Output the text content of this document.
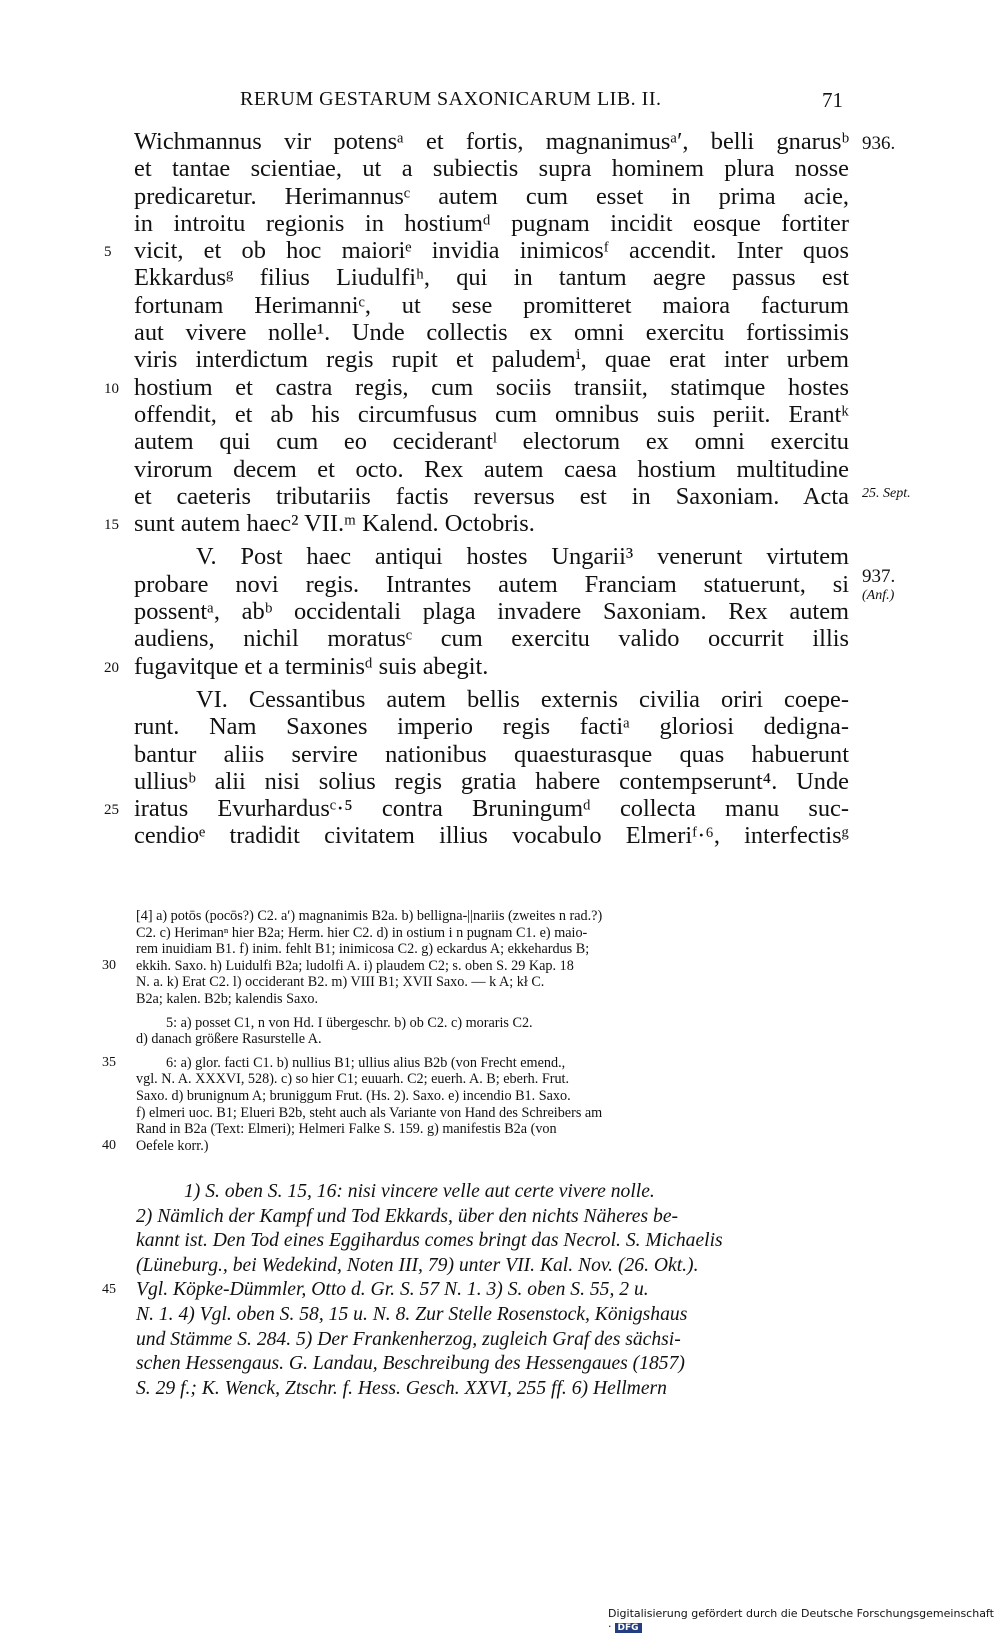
RERUM GESTARUM SAXONICARUM LIB. II.	71
Wichmannus vir potensᵃ et fortis, magnanimusᵃ′, belli gnarusᵇ
et tantae scientiae, ut a subiectis supra hominem plura nosse
predicaretur. Herimannusᶜ autem cum esset in prima acie,
in introitu regionis in hostiumᵈ pugnam incidit eosque fortiter
5 vicit, et ob hoc maioriᵉ invidia inimicosᶠ accendit. Inter quos
Ekkardusᵍ filius Liudulfiʰ, qui in tantum aegre passus est
fortunam Herimanniᶜ, ut sese promitteret maiora facturum
aut vivere nolle¹. Unde collectis ex omni exercitu fortissimis
viris interdictum regis rupit et paludemⁱ, quae erat inter urbem
10 hostium et castra regis, cum sociis transiit, statimque hostes
offendit, et ab his circumfusus cum omnibus suis periit. Erantᵏ
autem qui cum eo ceciderantˡ electorum ex omni exercitu
virorum decem et octo. Rex autem caesa hostium multitudine
et caeteris tributariis factis reversus est in Saxoniam. Acta
15 sunt autem haec² VII.ᵐ Kalend. Octobris.
V. Post haec antiqui hostes Ungarii³ venerunt virtutem
probare novi regis. Intrantes autem Franciam statuerunt, si
possentᵃ, abᵇ occidentali plaga invadere Saxoniam. Rex autem
audiens, nichil moratusᶜ cum exercitu valido occurrit illis
20 fugavitque et a terminisᵈ suis abegit.
VI. Cessantibus autem bellis externis civilia oriri coepe-
runt. Nam Saxones imperio regis factiᵃ gloriosi dedigna-
bantur aliis servire nationibus quaesturasque quas habuerunt
ulliusᵇ alii nisi solius regis gratia habere contempserunt⁴. Unde
25 iratus Evurhardusᶜ·⁵ contra Bruningumᵈ collecta manu suc-
cendioᵉ tradidit civitatem illius vocabulo Elmeriᶠ·⁶, interfectisᵍ
936.
25. Sept.
937.
(Anf.)
[4] a) potōs (pocōs?) C2. a′) magnanimis B2a. b) belligna-||nariis (zweites n rad.?)
C2. c) Herimanⁿ hier B2a; Herm. hier C2. d) in ostium i n pugnam C1. e) maio-
rem inuidiam B1. f) inim. fehlt B1; inimicosa C2. g) eckardus A; ekkehardus B;
30 ekkih. Saxo. h) Luidulfi B2a; ludolfi A. i) plaudem C2; s. oben S. 29 Kap. 18
N. a. k) Erat C2. l) occiderant B2. m) VIII B1; XVII Saxo. — k A; kł C.
B2a; kalen. B2b; kalendis Saxo.
5: a) posset C1, n von Hd. I übergeschr. b) ob C2. c) moraris C2.
d) danach größere Rasurstelle A.
35	6: a) glor. facti C1. b) nullius B1; ullius alius B2b (von Frecht emend.,
vgl. N. A. XXXVI, 528). c) so hier C1; euuarh. C2; euerh. A. B; eberh. Frut.
Saxo. d) brunignum A; bruniggum Frut. (Hs. 2). Saxo. e) incendio B1. Saxo.
f) elmeri uoc. B1; Elueri B2b, steht auch als Variante von Hand des Schreibers am
Rand in B2a (Text: Elmeri); Helmeri Falke S. 159. g) manifestis B2a (von
40 Oefele korr.)
1) S. oben S. 15, 16: nisi vincere velle aut certe vivere nolle.
2) Nämlich der Kampf und Tod Ekkards, über den nichts Näheres be-
kannt ist. Den Tod eines Eggihardus comes bringt das Necrol. S. Michaelis
(Lüneburg., bei Wedekind, Noten III, 79) unter VII. Kal. Nov. (26. Okt.).
45 Vgl. Köpke-Dümmler, Otto d. Gr. S. 57 N. 1. 3) S. oben S. 55, 2 u.
N. 1. 4) Vgl. oben S. 58, 15 u. N. 8. Zur Stelle Rosenstock, Königshaus
und Stämme S. 284. 5) Der Frankenherzog, zugleich Graf des sächsi-
schen Hessengaus. G. Landau, Beschreibung des Hessengaues (1857)
S. 29 f.; K. Wenck, Ztschr. f. Hess. Gesch. XXVI, 255 ff. 6) Hellmern
Digitalisierung gefördert durch die Deutsche Forschungsgemeinschaft · DFG
